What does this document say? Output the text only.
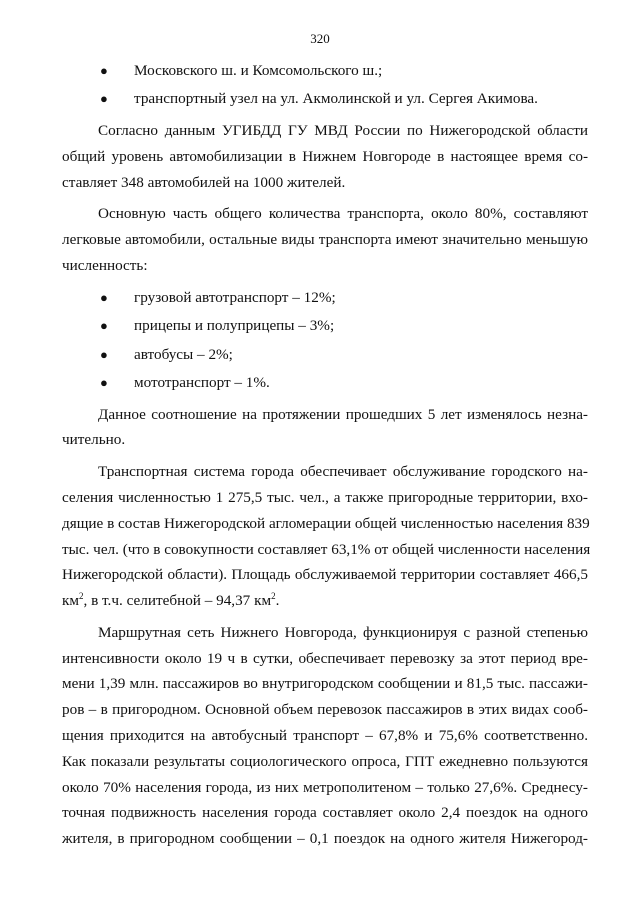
320
● Московского ш. и Комсомольского ш.;
● транспортный узел на ул. Акмолинской и ул. Сергея Акимова.
Согласно данным УГИБДД ГУ МВД России по Нижегородской области
общий уровень автомобилизации в Нижнем Новгороде в настоящее время со-
ставляет 348 автомобилей на 1000 жителей.
Основную часть общего количества транспорта, около 80%, составляют
легковые автомобили, остальные виды транспорта имеют значительно меньшую
численность:
● грузовой автотранспорт – 12%;
● прицепы и полуприцепы – 3%;
● автобусы – 2%;
● мототранспорт – 1%.
Данное соотношение на протяжении прошедших 5 лет изменялось незна-
чительно.
Транспортная система города обеспечивает обслуживание городского на-
селения численностью 1 275,5 тыс. чел., а также пригородные территории, вхо-
дящие в состав Нижегородской агломерации общей численностью населения 839
тыс. чел. (что в совокупности составляет 63,1% от общей численности населения
Нижегородской области). Площадь обслуживаемой территории составляет 466,5
$км^2$, в т.ч. селитебной – 94,37 $км^2$.
Маршрутная сеть Нижнего Новгорода, функционируя с разной степенью
интенсивности около 19 ч в сутки, обеспечивает перевозку за этот период вре-
мени 1,39 млн. пассажиров во внутригородском сообщении и 81,5 тыс. пассажи-
ров – в пригородном. Основной объем перевозок пассажиров в этих видах сооб-
щения приходится на автобусный транспорт – 67,8% и 75,6% соответственно.
Как показали результаты социологического опроса, ГПТ ежедневно пользуются
около 70% населения города, из них метрополитеном – только 27,6%. Среднесу-
точная подвижность населения города составляет около 2,4 поездок на одного
жителя, в пригородном сообщении – 0,1 поездок на одного жителя Нижегород-
